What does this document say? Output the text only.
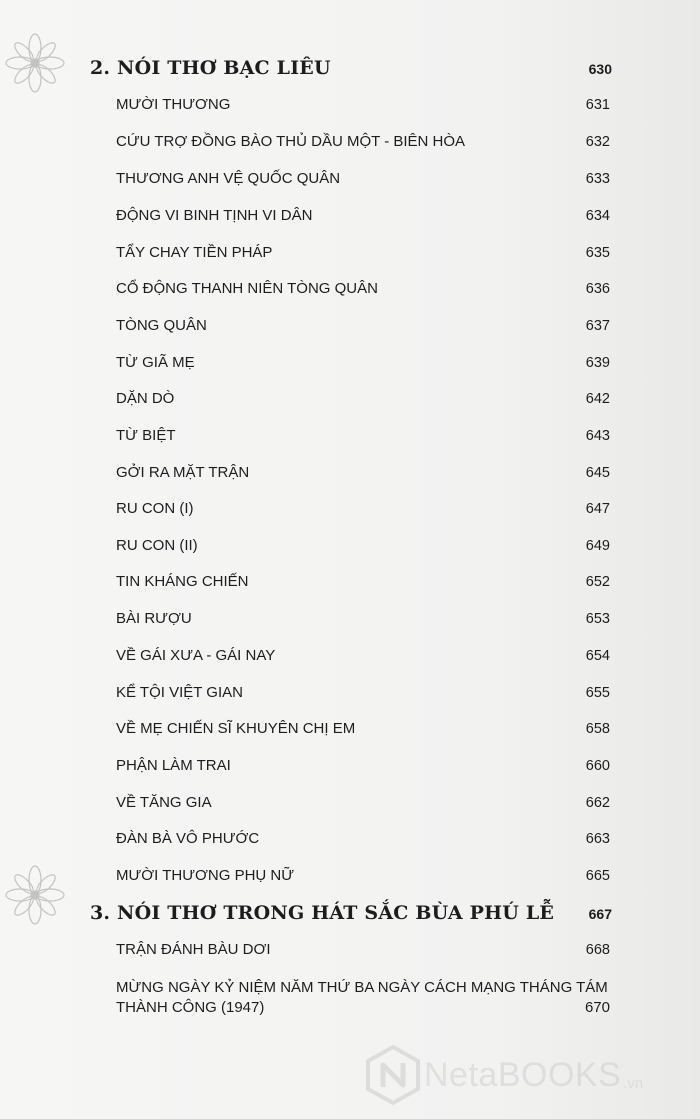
2. NÓI THƠ BẠC LIÊU	630
MƯỜI THƯƠNG	631
CỨU TRỢ ĐỒNG BÀO THỦ DẦU MỘT - BIÊN HÒA	632
THƯƠNG ANH VỆ QUỐC QUÂN	633
ĐỘNG VI BINH TỊNH VI DÂN	634
TẨY CHAY TIỀN PHÁP	635
CỔ ĐỘNG THANH NIÊN TÒNG QUÂN	636
TÒNG QUÂN	637
TỪ GIÃ MẸ	639
DẶN DÒ	642
TỪ BIỆT	643
GỞI RA MẶT TRẬN	645
RU CON (I)	647
RU CON (II)	649
TIN KHÁNG CHIẾN	652
BÀI RƯỢU	653
VỀ GÁI XƯA - GÁI NAY	654
KỂ TỘI VIỆT GIAN	655
VỀ MẸ CHIẾN SĨ KHUYÊN CHỊ EM	658
PHẬN LÀM TRAI	660
VỀ TĂNG GIA	662
ĐÀN BÀ VÔ PHƯỚC	663
MƯỜI THƯƠNG PHỤ NỮ	665
3. NÓI THƠ TRONG HÁT SẮC BÙA PHÚ LỄ 667
TRẬN ĐÁNH BÀU DƠI	668
MỪNG NGÀY KỶ NIỆM NĂM THỨ BA NGÀY CÁCH MẠNG THÁNG TÁM
THÀNH CÔNG (1947)	670
NetaBOOKS .vn
